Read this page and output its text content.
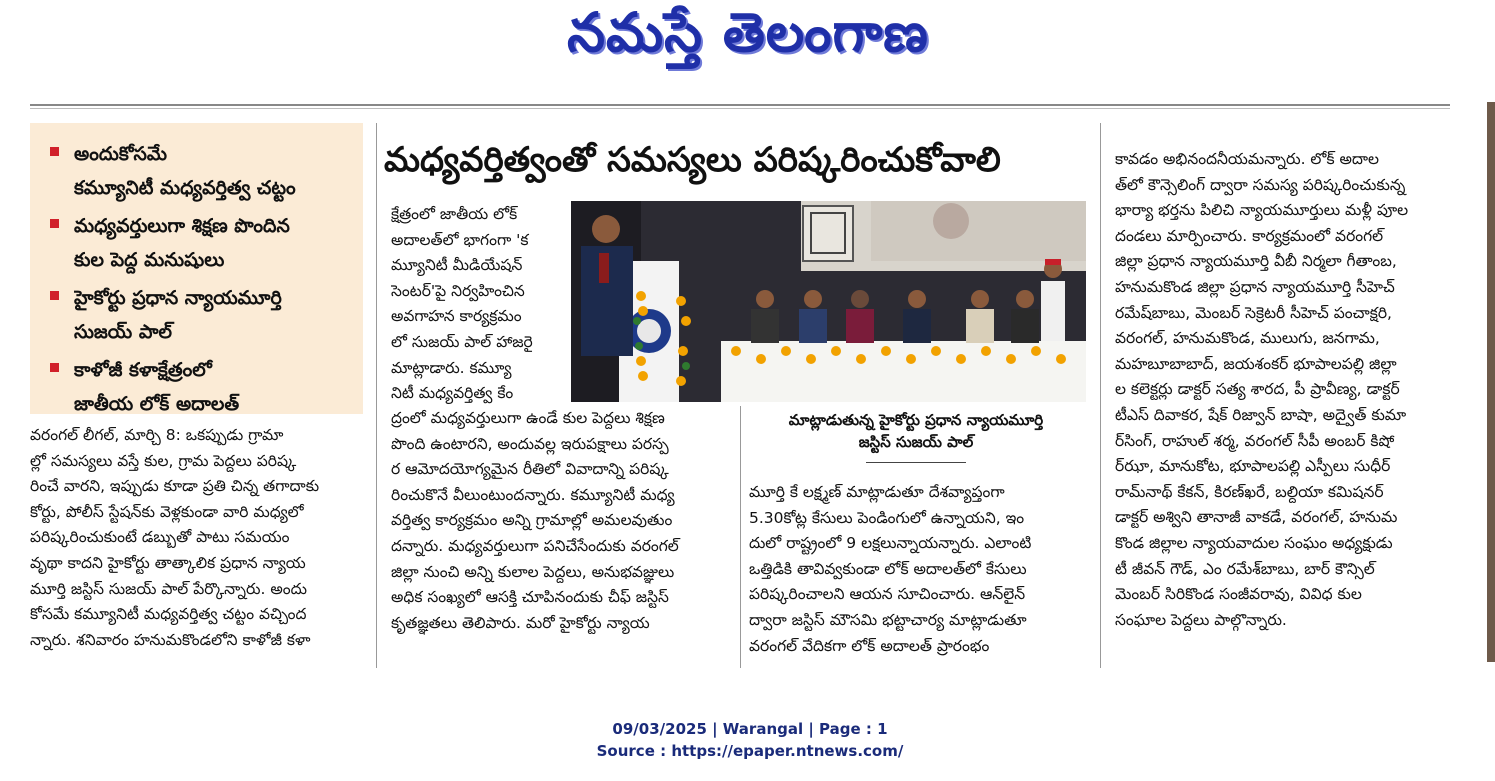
నమస్తే తెలంగాణ
అందుకోసమే
కమ్యూనిటీ మధ్యవర్తిత్వ చట్టం
మధ్యవర్తులుగా శిక్షణ పొందిన
కుల పెద్ద మనుషులు
హైకోర్టు ప్రధాన న్యాయమూర్తి
సుజయ్ పాల్
కాళోజీ కళాక్షేత్రంలో
జాతీయ లోక్ అదాలత్
మధ్యవర్తిత్వంతో సమస్యలు పరిష్కరించుకోవాలి
వరంగల్ లీగల్, మార్చి 8: ఒకప్పుడు గ్రామా
ల్లో సమస్యలు వస్తే కుల, గ్రామ పెద్దలు పరిష్క
రించే వారని, ఇప్పుడు కూడా ప్రతి చిన్న తగాదాకు
కోర్టు, పోలీస్ స్టేషన్‌కు వెళ్లకుండా వారి మధ్యలో
పరిష్కరించుకుంటే డబ్బుతో పాటు సమయం
వృథా కాదని హైకోర్టు తాత్కాలిక ప్రధాన న్యాయ
మూర్తి జస్టిస్ సుజయ్ పాల్ పేర్కొన్నారు. అందు
కోసమే కమ్యూనిటీ మధ్యవర్తిత్వ చట్టం వచ్చింద
న్నారు. శనివారం హనుమకొండలోని కాళోజీ కళా
క్షేత్రంలో జాతీయ లోక్
అదాలత్‌లో భాగంగా 'క
మ్యూనిటీ మీడియేషన్
సెంటర్'పై నిర్వహించిన
అవగాహన కార్యక్రమం
లో సుజయ్ పాల్ హాజరై
మాట్లాడారు. కమ్యూ
నిటీ మధ్యవర్తిత్వ కేం
ద్రంలో మధ్యవర్తులుగా ఉండే కుల పెద్దలు శిక్షణ
పొంది ఉంటారని, అందువల్ల ఇరుపక్షాలు పరస్ప
ర ఆమోదయోగ్యమైన రీతిలో వివాదాన్ని పరిష్క
రించుకొనే వీలుంటుందన్నారు. కమ్యూనిటీ మధ్య
వర్తిత్వ కార్యక్రమం అన్ని గ్రామాల్లో అమలవుతుం
దన్నారు. మధ్యవర్తులుగా పనిచేసేందుకు వరంగల్
జిల్లా నుంచి అన్ని కులాల పెద్దలు, అనుభవజ్ఞులు
అధిక సంఖ్యలో ఆసక్తి చూపినందుకు చీఫ్ జస్టిస్
కృతజ్ఞతలు తెలిపారు. మరో హైకోర్టు న్యాయ
మూర్తి కే లక్ష్మణ్ మాట్లాడుతూ దేశవ్యాప్తంగా
5.30కోట్ల కేసులు పెండింగులో ఉన్నాయని, ఇం
దులో రాష్ట్రంలో 9 లక్షలున్నాయన్నారు. ఎలాంటి
ఒత్తిడికి తావివ్వకుండా లోక్ అదాలత్‌లో కేసులు
పరిష్కరించాలని ఆయన సూచించారు. ఆన్‌లైన్
ద్వారా జస్టిస్ మౌసమి భట్టాచార్య మాట్లాడుతూ
వరంగల్ వేదికగా లోక్ అదాలత్ ప్రారంభం
కావడం అభినందనీయమన్నారు. లోక్ అదాల
త్‌లో కౌన్సెలింగ్ ద్వారా సమస్య పరిష్కరించుకున్న
భార్యా భర్తను పిలిచి న్యాయమూర్తులు మళ్లీ పూల
దండలు మార్పించారు. కార్యక్రమంలో వరంగల్
జిల్లా ప్రధాన న్యాయమూర్తి వీబీ నిర్మలా గీతాంబ,
హనుమకొండ జిల్లా ప్రధాన న్యాయమూర్తి సీహెచ్
రమేష్‌బాబు, మెంబర్ సెక్రెటరీ సీహెచ్ పంచాక్షరి,
వరంగల్, హనుమకొండ, ములుగు, జనగామ,
మహబూబాబాద్, జయశంకర్ భూపాలపల్లి జిల్లా
ల కలెక్టర్లు డాక్టర్ సత్య శారద, పీ ప్రావీణ్య, డాక్టర్
టీఎస్ దివాకర, షేక్ రిజ్వాన్ బాషా, అద్వైత్ కుమా
ర్‌సింగ్, రాహుల్ శర్మ, వరంగల్ సీపీ అంబర్ కిషో
ర్‌ఝా, మానుకోట, భూపాలపల్లి ఎస్పీలు సుధీర్
రామ్‌నాథ్ కేకన్, కిరణ్‌ఖరే, బల్దియా కమిషనర్
డాక్టర్ అశ్విని తానాజీ వాకడే, వరంగల్, హనుమ
కొండ జిల్లాల న్యాయవాదుల సంఘం అధ్యక్షుడు
టీ జీవన్ గౌడ్, ఎం రమేశ్‌బాబు, బార్ కౌన్సిల్
మెంబర్ సిరికొండ సంజీవరావు, వివిధ కుల
సంఘాల పెద్దలు పాల్గొన్నారు.
మాట్లాడుతున్న హైకోర్టు ప్రధాన న్యాయమూర్తి
జస్టిస్ సుజయ్ పాల్
09/03/2025 | Warangal | Page : 1
Source : https://epaper.ntnews.com/
